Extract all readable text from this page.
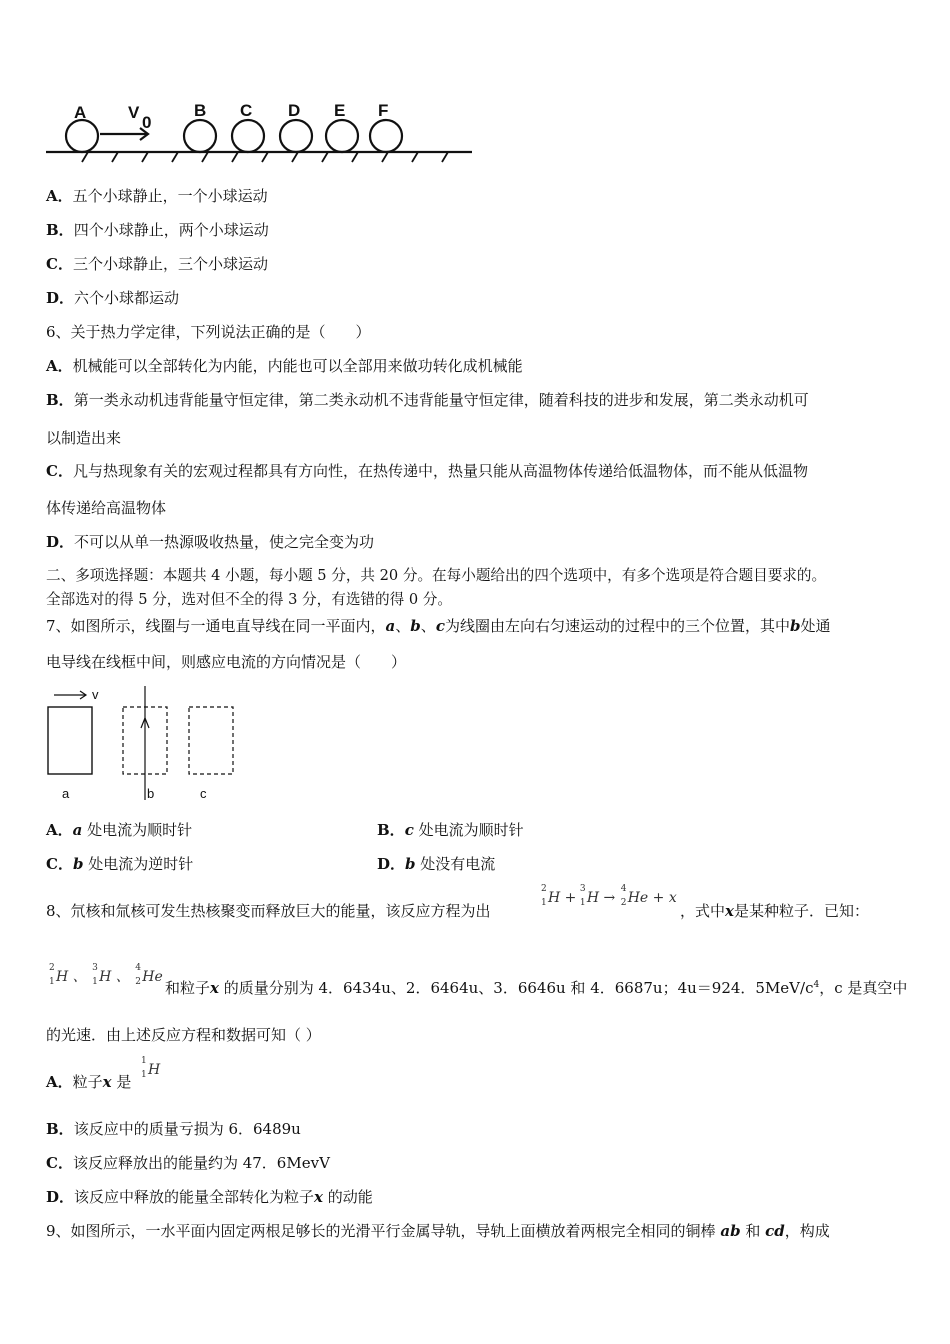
A V
0
B C D E F
A．五个小球静止，一个小球运动
B．四个小球静止，两个小球运动
C．三个小球静止，三个小球运动
D．六个小球都运动
6、关于热力学定律，下列说法正确的是（　　）
A．机械能可以全部转化为内能，内能也可以全部用来做功转化成机械能
B．第一类永动机违背能量守恒定律，第二类永动机不违背能量守恒定律，随着科技的进步和发展，第二类永动机可
以制造出来
C．凡与热现象有关的宏观过程都具有方向性，在热传递中，热量只能从高温物体传递给低温物体，而不能从低温物
体传递给高温物体
D．不可以从单一热源吸收热量，使之完全变为功
二、多项选择题：本题共 4 小题，每小题 5 分，共 20 分。在每小题给出的四个选项中，有多个选项是符合题目要求的。
全部选对的得 5 分，选对但不全的得 3 分，有选错的得 0 分。
7、如图所示，线圈与一通电直导线在同一平面内，a、b、c为线圈由左向右匀速运动的过程中的三个位置，其中b处通
电导线在线框中间，则感应电流的方向情况是（　　）
v
a	b	c
A．a 处电流为顺时针	B．c 处电流为顺时针
C．b 处电流为逆时针	D．b 处没有电流
8、氘核和氚核可发生热核聚变而释放巨大的能量，该反应方程为出
2
1 H +
3
1 H →
4
2 He + x
，式中x是某种粒子．已知：
2
1 H 、
3
1 H 、
4
2 He
和粒子x 的质量分别为 4．6434u、2．6464u、3．6646u 和 4．6687u；4u＝924．$5MeV/c^4$，c 是真空中
的光速．由上述反应方程和数据可知（ ）
A．粒子x 是
1
1 H
B．该反应中的质量亏损为 6．6489u
C．该反应释放出的能量约为 47．6MevV
D．该反应中释放的能量全部转化为粒子x 的动能
9、如图所示，一水平面内固定两根足够长的光滑平行金属导轨，导轨上面横放着两根完全相同的铜棒 ab 和 cd，构成
